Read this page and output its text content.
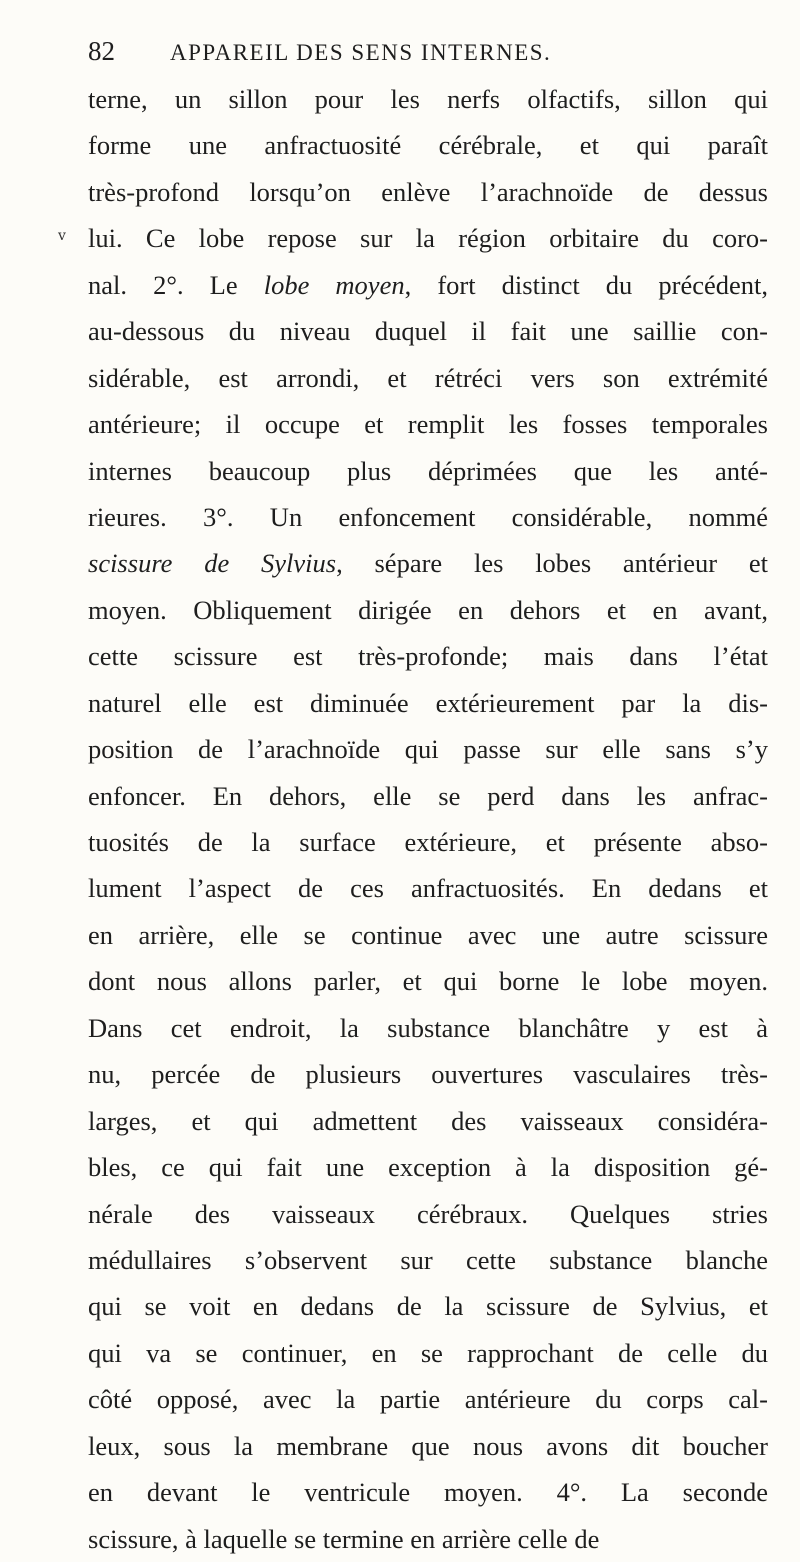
82 APPAREIL DES SENS INTERNES.
v
terne, un sillon pour les nerfs olfactifs, sillon qui
forme une anfractuosité cérébrale, et qui paraît
très-profond lorsqu’on enlève l’arachnoïde de dessus
lui. Ce lobe repose sur la région orbitaire du coro-
nal. 2°. Le lobe moyen, fort distinct du précédent,
au-dessous du niveau duquel il fait une saillie con-
sidérable, est arrondi, et rétréci vers son extrémité
antérieure; il occupe et remplit les fosses temporales
internes beaucoup plus déprimées que les anté-
rieures. 3°. Un enfoncement considérable, nommé
scissure de Sylvius, sépare les lobes antérieur et
moyen. Obliquement dirigée en dehors et en avant,
cette scissure est très-profonde; mais dans l’état
naturel elle est diminuée extérieurement par la dis-
position de l’arachnoïde qui passe sur elle sans s’y
enfoncer. En dehors, elle se perd dans les anfrac-
tuosités de la surface extérieure, et présente abso-
lument l’aspect de ces anfractuosités. En dedans et
en arrière, elle se continue avec une autre scissure
dont nous allons parler, et qui borne le lobe moyen.
Dans cet endroit, la substance blanchâtre y est à
nu, percée de plusieurs ouvertures vasculaires très-
larges, et qui admettent des vaisseaux considéra-
bles, ce qui fait une exception à la disposition gé-
nérale des vaisseaux cérébraux. Quelques stries
médullaires s’observent sur cette substance blanche
qui se voit en dedans de la scissure de Sylvius, et
qui va se continuer, en se rapprochant de celle du
côté opposé, avec la partie antérieure du corps cal-
leux, sous la membrane que nous avons dit boucher
en devant le ventricule moyen. 4°. La seconde
scissure, à laquelle se termine en arrière celle de
